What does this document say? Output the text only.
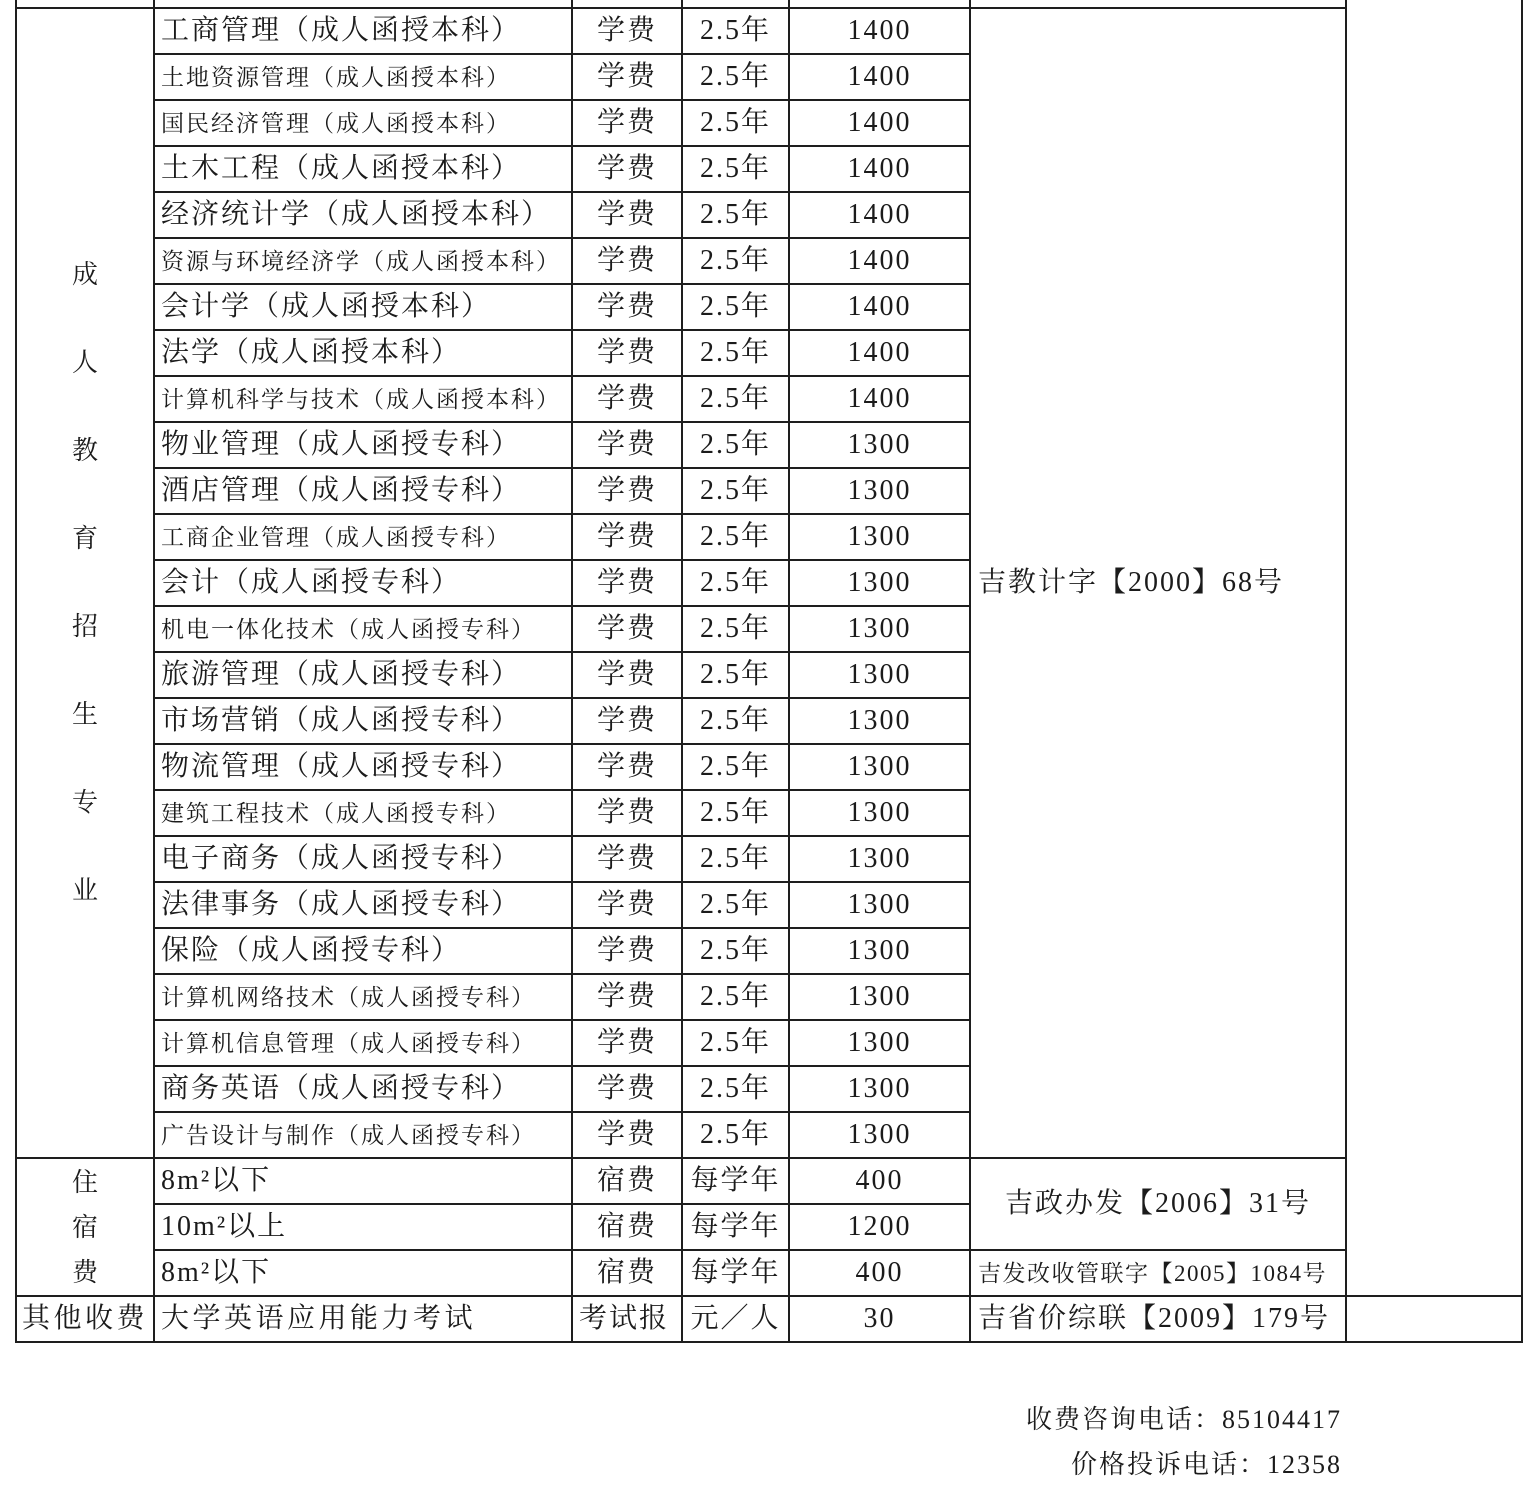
成人教育招生专业	工商管理（成人函授本科）	学费	2.5年	1400	吉教计字【2000】68号	
	土地资源管理（成人函授本科）	学费	2.5年	1400		
	国民经济管理（成人函授本科）	学费	2.5年	1400		
	土木工程（成人函授本科）	学费	2.5年	1400		
	经济统计学（成人函授本科）	学费	2.5年	1400		
	资源与环境经济学（成人函授本科）	学费	2.5年	1400		
	会计学（成人函授本科）	学费	2.5年	1400		
	法学（成人函授本科）	学费	2.5年	1400		
	计算机科学与技术（成人函授本科）	学费	2.5年	1400		
	物业管理（成人函授专科）	学费	2.5年	1300		
	酒店管理（成人函授专科）	学费	2.5年	1300		
	工商企业管理（成人函授专科）	学费	2.5年	1300		
	会计（成人函授专科）	学费	2.5年	1300		
	机电一体化技术（成人函授专科）	学费	2.5年	1300		
	旅游管理（成人函授专科）	学费	2.5年	1300		
	市场营销（成人函授专科）	学费	2.5年	1300		
	物流管理（成人函授专科）	学费	2.5年	1300		
	建筑工程技术（成人函授专科）	学费	2.5年	1300		
	电子商务（成人函授专科）	学费	2.5年	1300		
	法律事务（成人函授专科）	学费	2.5年	1300		
	保险（成人函授专科）	学费	2.5年	1300		
	计算机网络技术（成人函授专科）	学费	2.5年	1300		
	计算机信息管理（成人函授专科）	学费	2.5年	1300		
	商务英语（成人函授专科）	学费	2.5年	1300		
	广告设计与制作（成人函授专科）	学费	2.5年	1300		
住宿费	8m²以下	宿费	每学年	400	吉政办发【2006】31号	
	10m²以上	宿费	每学年	1200		
	8m²以下	宿费	每学年	400	吉发改收管联字【2005】1084号	
其他收费	大学英语应用能力考试	考试报	元／人	30	吉省价综联【2009】179号	
收费咨询电话：85104417
价格投诉电话：12358
